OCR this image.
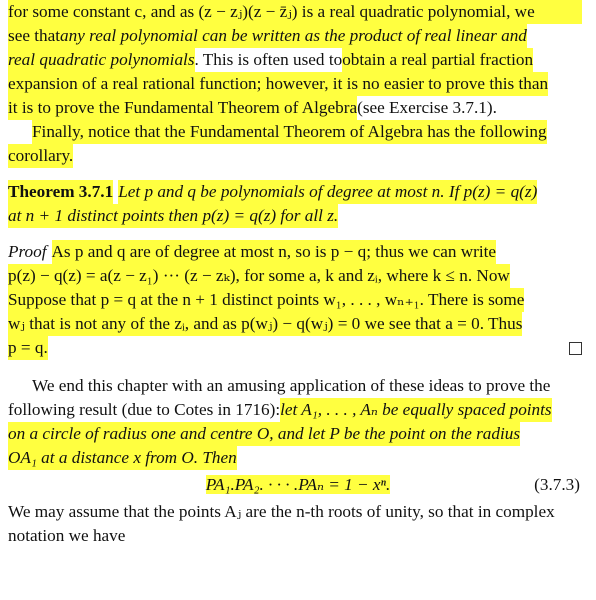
for some constant c, and as (z − zⱼ)(z − z̄ⱼ) is a real quadratic polynomial, we
see that any real polynomial can be written as the product of real linear and
real quadratic polynomials . This is often used to obtain a real partial fraction
expansion of a real rational function; however, it is no easier to prove this than
it is to prove the Fundamental Theorem of Algebra (see Exercise 3.7.1).
Finally, notice that the Fundamental Theorem of Algebra has the following
corollary.
Theorem 3.7.1 Let p and q be polynomials of degree at most n. If p(z) = q(z)
at n + 1 distinct points then p(z) = q(z) for all z.
Proof As p and q are of degree at most n, so is p − q; thus we can write
p(z) − q(z) = a(z − z₁) ··· (z − zₖ), for some a, k and zᵢ, where k ≤ n. Now
Suppose that p = q at the n + 1 distinct points w₁, . . . , wₙ₊₁. There is some
wⱼ that is not any of the zᵢ, and as p(wⱼ) − q(wⱼ) = 0 we see that a = 0. Thus
p = q.
We end this chapter with an amusing application of these ideas to prove the
following result (due to Cotes in 1716): let A₁, . . . , Aₙ be equally spaced points
on a circle of radius one and centre O, and let P be the point on the radius
OA₁ at a distance x from O. Then
PA₁.PA₂. · · · .PAₙ = 1 − xⁿ.	(3.7.3)
We may assume that the points Aⱼ are the n-th roots of unity, so that in complex
notation we have
